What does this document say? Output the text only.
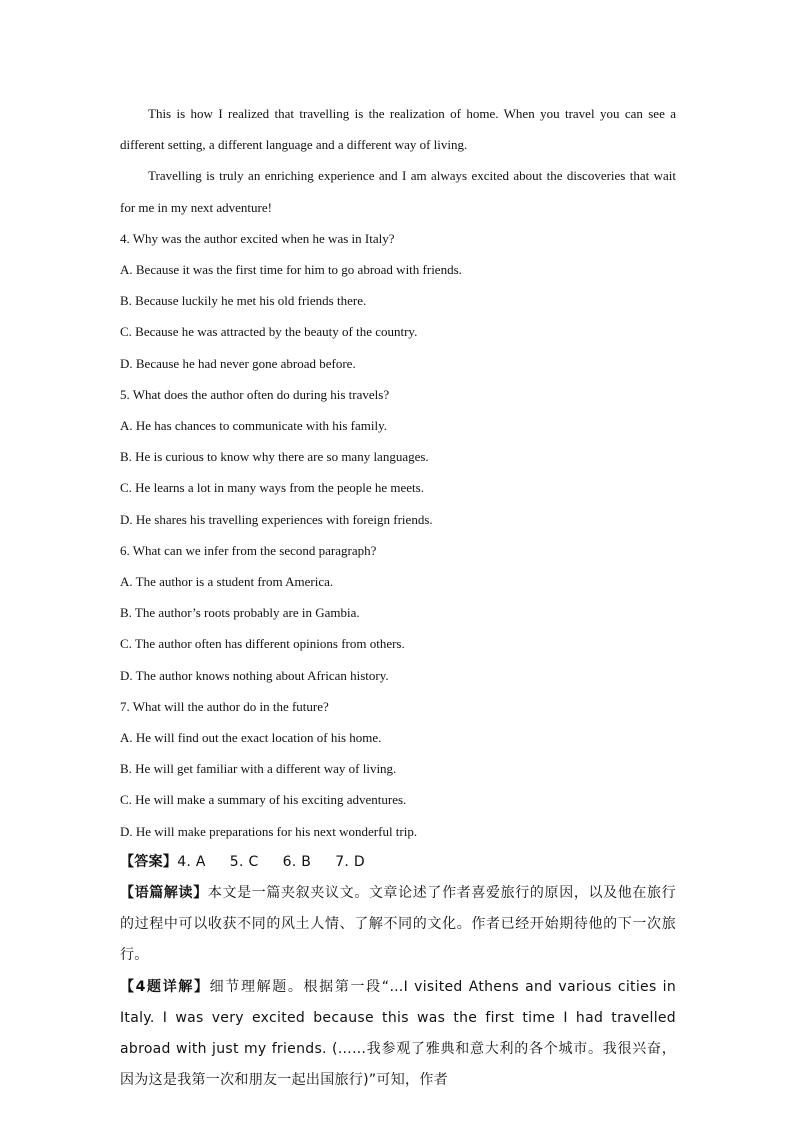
This is how I realized that travelling is the realization of home. When you travel you can see a different setting, a different language and a different way of living.

Travelling is truly an enriching experience and I am always excited about the discoveries that wait for me in my next adventure!

4. Why was the author excited when he was in Italy?

A. Because it was the first time for him to go abroad with friends.

B. Because luckily he met his old friends there.

C. Because he was attracted by the beauty of the country.

D. Because he had never gone abroad before.

5. What does the author often do during his travels?

A. He has chances to communicate with his family.

B. He is curious to know why there are so many languages.

C. He learns a lot in many ways from the people he meets.

D. He shares his travelling experiences with foreign friends.

6. What can we infer from the second paragraph?

A. The author is a student from America.

B. The author’s roots probably are in Gambia.

C. The author often has different opinions from others.

D. The author knows nothing about African history.

7. What will the author do in the future?

A. He will find out the exact location of his home.

B. He will get familiar with a different way of living.

C. He will make a summary of his exciting adventures.

D. He will make preparations for his next wonderful trip.

【答案】4. A 5. C 6. B 7. D

【语篇解读】本文是一篇夹叙夹议文。文章论述了作者喜爱旅行的原因，以及他在旅行的过程中可以收获不同的风土人情、了解不同的文化。作者已经开始期待他的下一次旅行。

【4题详解】细节理解题。根据第一段“…I visited Athens and various cities in Italy. I was very excited because this was the first time I had travelled abroad with just my friends. (……我参观了雅典和意大利的各个城市。我很兴奋，因为这是我第一次和朋友一起出国旅行)”可知，作者
